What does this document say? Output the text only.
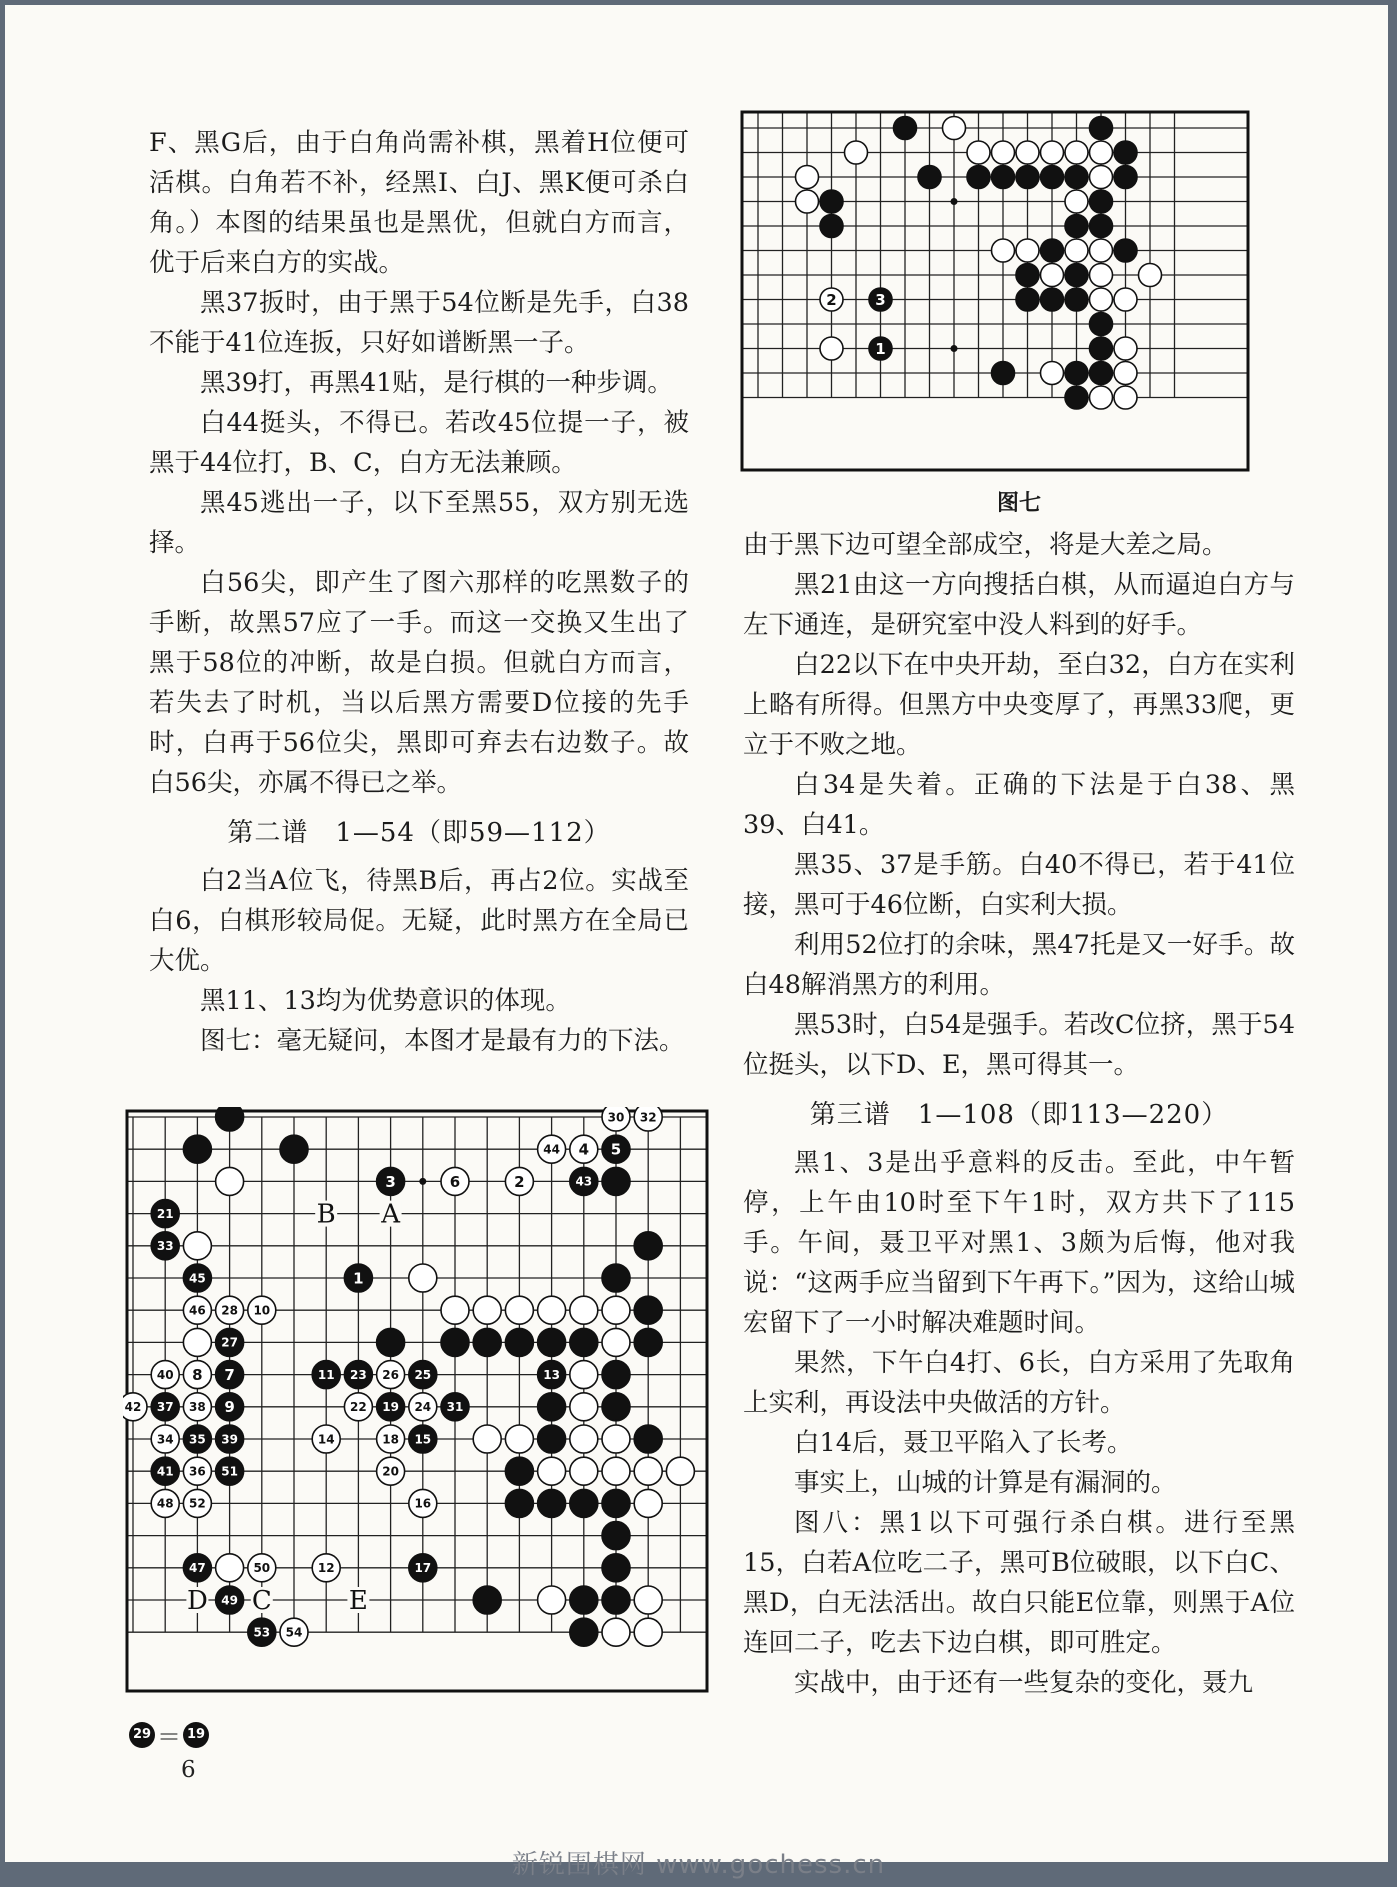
F、黑G后，由于白角尚需补棋，黑着H位便可活棋。白角若不补，经黑I、白J、黑K便可杀白角。）本图的结果虽也是黑优，但就白方而言，优于后来白方的实战。

黑37扳时，由于黑于54位断是先手，白38不能于41位连扳，只好如谱断黑一子。

黑39打，再黑41贴，是行棋的一种步调。

白44挺头，不得已。若改45位提一子，被黑于44位打，B、C，白方无法兼顾。

黑45逃出一子，以下至黑55，双方别无选择。

白56尖，即产生了图六那样的吃黑数子的手断，故黑57应了一手。而这一交换又生出了黑于58位的冲断，故是白损。但就白方而言，若失去了时机，当以后黑方需要D位接的先手时，白再于56位尖，黑即可弃去右边数子。故白56尖，亦属不得已之举。

第二谱　1—54（即59—112）

白2当A位飞，待黑B后，再占2位。实战至白6，白棋形较局促。无疑，此时黑方在全局已大优。

黑11、13均为优势意识的体现。

图七：毫无疑问，本图才是最有力的下法。

2	3
1
图七

由于黑下边可望全部成空，将是大差之局。

黑21由这一方向搜括白棋，从而逼迫白方与左下通连，是研究室中没人料到的好手。

白22以下在中央开劫，至白32，白方在实利上略有所得。但黑方中央变厚了，再黑33爬，更立于不败之地。

白34是失着。正确的下法是于白38、黑39、白41。

黑35、37是手筋。白40不得已，若于41位接，黑可于46位断，白实利大损。

利用52位打的余味，黑47托是又一好手。故白48解消黑方的利用。

黑53时，白54是强手。若改C位挤，黑于54位挺头，以下D、E，黑可得其一。

第三谱　1—108（即113—220）

黑1、3是出乎意料的反击。至此，中午暂停，上午由10时至下午1时，双方共下了115手。午间，聂卫平对黑1、3颇为后悔，他对我说：“这两手应当留到下午再下。”因为，这给山城宏留下了一小时解决难题时间。

果然，下午白4打、6长，白方采用了先取角上实利，再设法中央做活的方针。

白14后，聂卫平陷入了长考。

事实上，山城的计算是有漏洞的。

图八：黑1以下可强行杀白棋。进行至黑15，白若A位吃二子，黑可B位破眼，以下白C、黑D，白无法活出。故白只能E位靠，则黑于A位连回二子，吃去下边白棋，即可胜定。

实战中，由于还有一些复杂的变化，聂九

B A
D C	E
30 32
44 4 5
3	6	2	43
21
33
45	1
46 28 10
27
40 8 7	11 23 26 25	13
42 37 38 9	22 19 24 31
34 35 39	14	18 15
41 36 51	20
48 52	16
47	50	12	17
49
53 54
29 ＝ 19
6
新锐围棋网 www.gochess.cn
